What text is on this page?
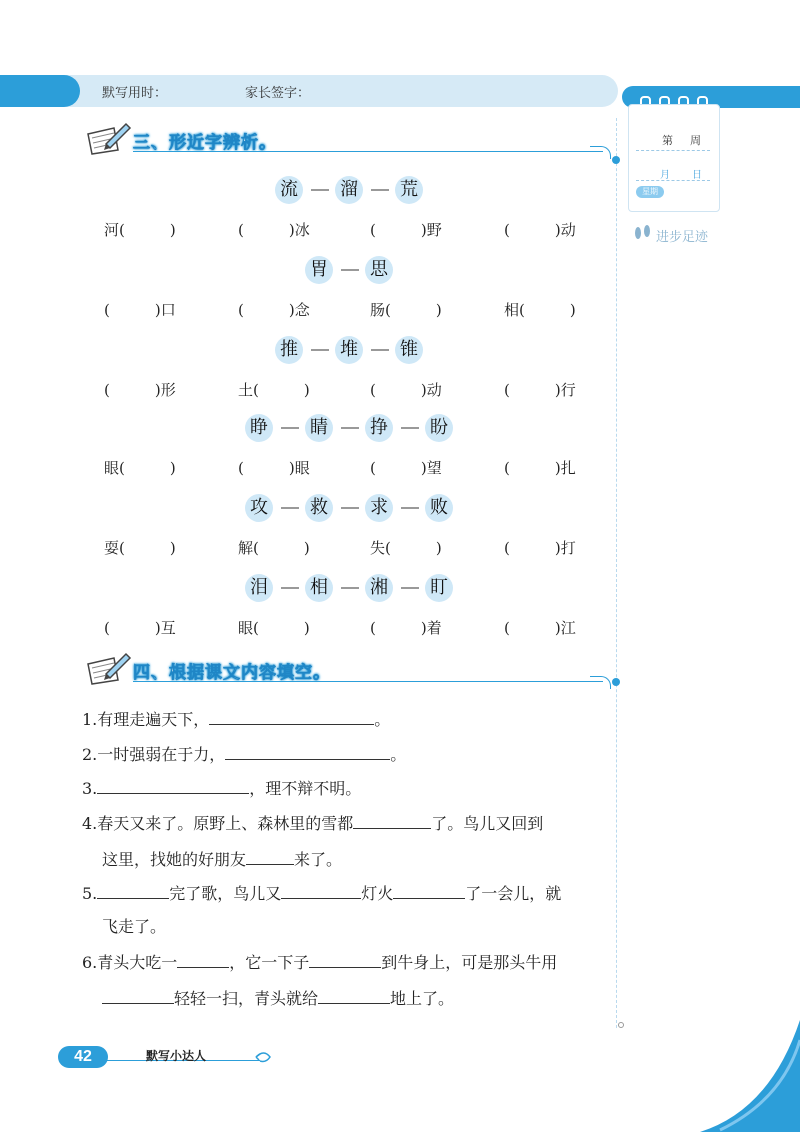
默写用时：	家长签字：
第 周
月 日
星期
进步足迹
三、形近字辨析。
流 溜 荒
河(　　　)	(　　　)冰	(　　　)野	(　　　)动
胃 思
(　　　)口	(　　　)念	肠(　　　)	相(　　　)
推 堆 锥
(　　　)形	土(　　　)	(　　　)动	(　　　)行
睁 睛 挣 盼
眼(　　　)	(　　　)眼	(　　　)望	(　　　)扎
攻 救 求 败
耍(　　　)	解(　　　)	失(　　　)	(　　　)打
泪 相 湘 盯
(　　　)互	眼(　　　)	(　　　)着	(　　　)江
四、根据课文内容填空。
1.有理走遍天下，	。
2.一时强弱在于力，	。
3.	，理不辩不明。
4.春天又来了。原野上、森林里的雪都	了。鸟儿又回到
这里，找她的好朋友	来了。
5.	完了歌，鸟儿又	灯火	了一会儿，就
飞走了。
6.青头大吃一	，它一下子	到牛身上，可是那头牛用
轻轻一扫，青头就给	地上了。
42	默写小达人
